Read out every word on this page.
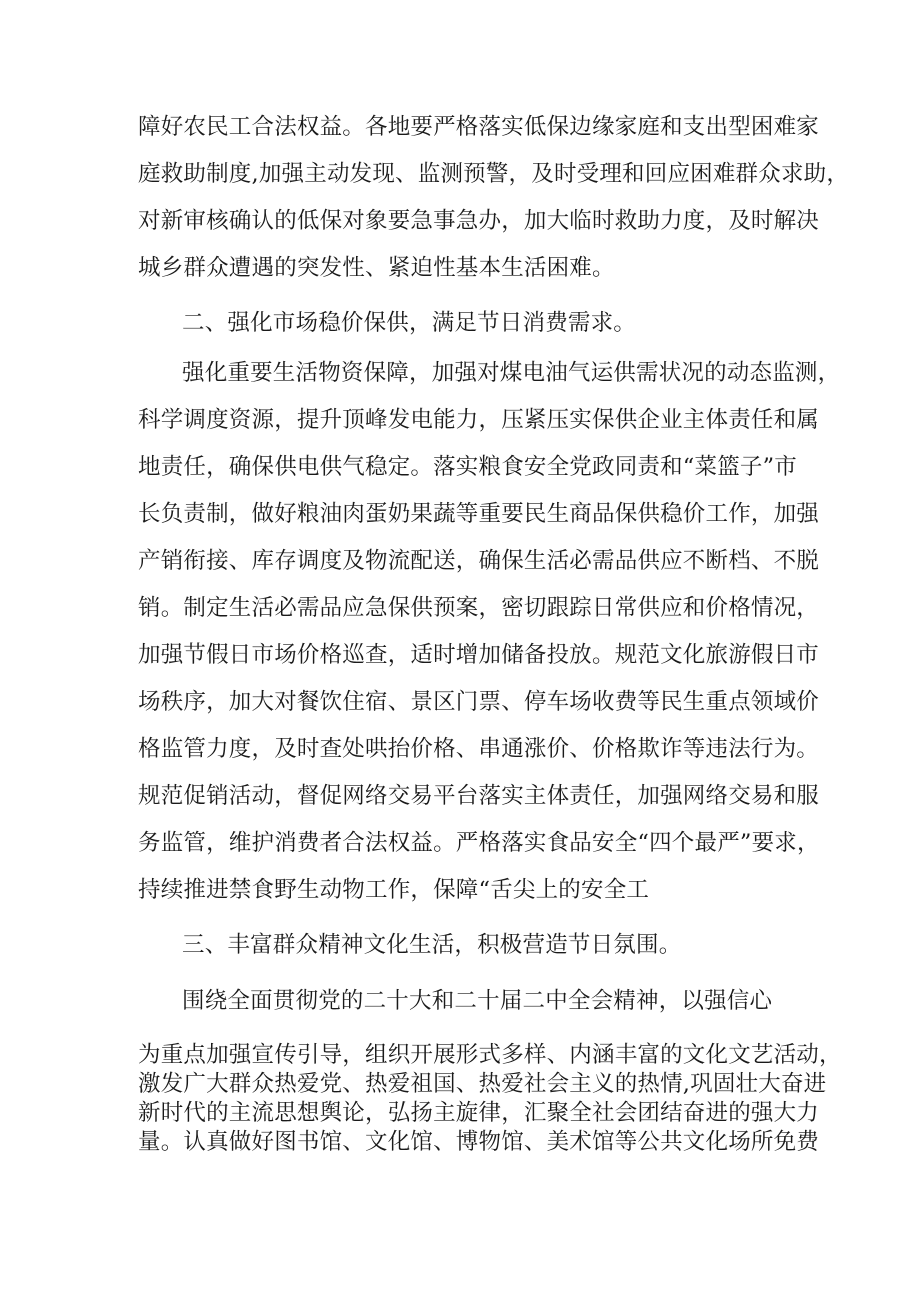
障好农民工合法权益。各地要严格落实低保边缘家庭和支出型困难家
庭救助制度,加强主动发现、监测预警，及时受理和回应困难群众求助，
对新审核确认的低保对象要急事急办，加大临时救助力度，及时解决
城乡群众遭遇的突发性、紧迫性基本生活困难。
二、强化市场稳价保供，满足节日消费需求。
强化重要生活物资保障，加强对煤电油气运供需状况的动态监测，
科学调度资源，提升顶峰发电能力，压紧压实保供企业主体责任和属
地责任，确保供电供气稳定。落实粮食安全党政同责和“菜篮子”市
长负责制，做好粮油肉蛋奶果蔬等重要民生商品保供稳价工作，加强
产销衔接、库存调度及物流配送，确保生活必需品供应不断档、不脱
销。制定生活必需品应急保供预案，密切跟踪日常供应和价格情况，
加强节假日市场价格巡查，适时增加储备投放。规范文化旅游假日市
场秩序，加大对餐饮住宿、景区门票、停车场收费等民生重点领域价
格监管力度，及时查处哄抬价格、串通涨价、价格欺诈等违法行为。
规范促销活动，督促网络交易平台落实主体责任，加强网络交易和服
务监管，维护消费者合法权益。严格落实食品安全“四个最严”要求，
持续推进禁食野生动物工作，保障“舌尖上的安全工
三、丰富群众精神文化生活，积极营造节日氛围。
围绕全面贯彻党的二十大和二十届二中全会精神，以强信心
为重点加强宣传引导，组织开展形式多样、内涵丰富的文化文艺活动，
激发广大群众热爱党、热爱祖国、热爱社会主义的热情,巩固壮大奋进
新时代的主流思想舆论，弘扬主旋律，汇聚全社会团结奋进的强大力
量。认真做好图书馆、文化馆、博物馆、美术馆等公共文化场所免费
